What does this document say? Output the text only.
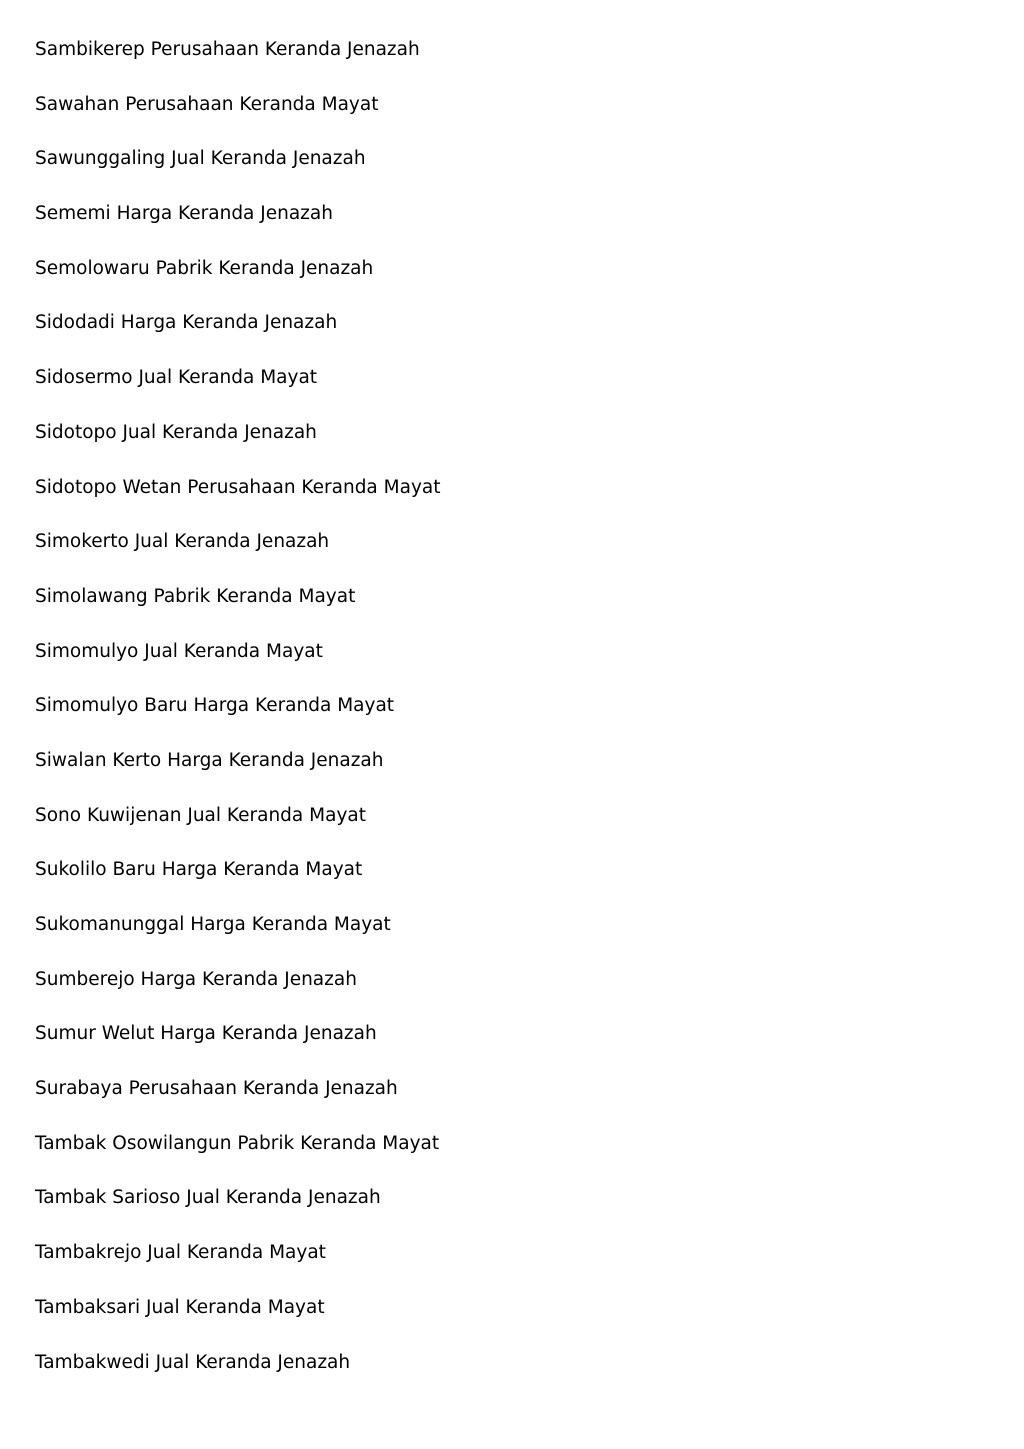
Sambikerep Perusahaan Keranda Jenazah
Sawahan Perusahaan Keranda Mayat
Sawunggaling Jual Keranda Jenazah
Sememi Harga Keranda Jenazah
Semolowaru Pabrik Keranda Jenazah
Sidodadi Harga Keranda Jenazah
Sidosermo Jual Keranda Mayat
Sidotopo Jual Keranda Jenazah
Sidotopo Wetan Perusahaan Keranda Mayat
Simokerto Jual Keranda Jenazah
Simolawang Pabrik Keranda Mayat
Simomulyo Jual Keranda Mayat
Simomulyo Baru Harga Keranda Mayat
Siwalan Kerto Harga Keranda Jenazah
Sono Kuwijenan Jual Keranda Mayat
Sukolilo Baru Harga Keranda Mayat
Sukomanunggal Harga Keranda Mayat
Sumberejo Harga Keranda Jenazah
Sumur Welut Harga Keranda Jenazah
Surabaya Perusahaan Keranda Jenazah
Tambak Osowilangun Pabrik Keranda Mayat
Tambak Sarioso Jual Keranda Jenazah
Tambakrejo Jual Keranda Mayat
Tambaksari Jual Keranda Mayat
Tambakwedi Jual Keranda Jenazah
